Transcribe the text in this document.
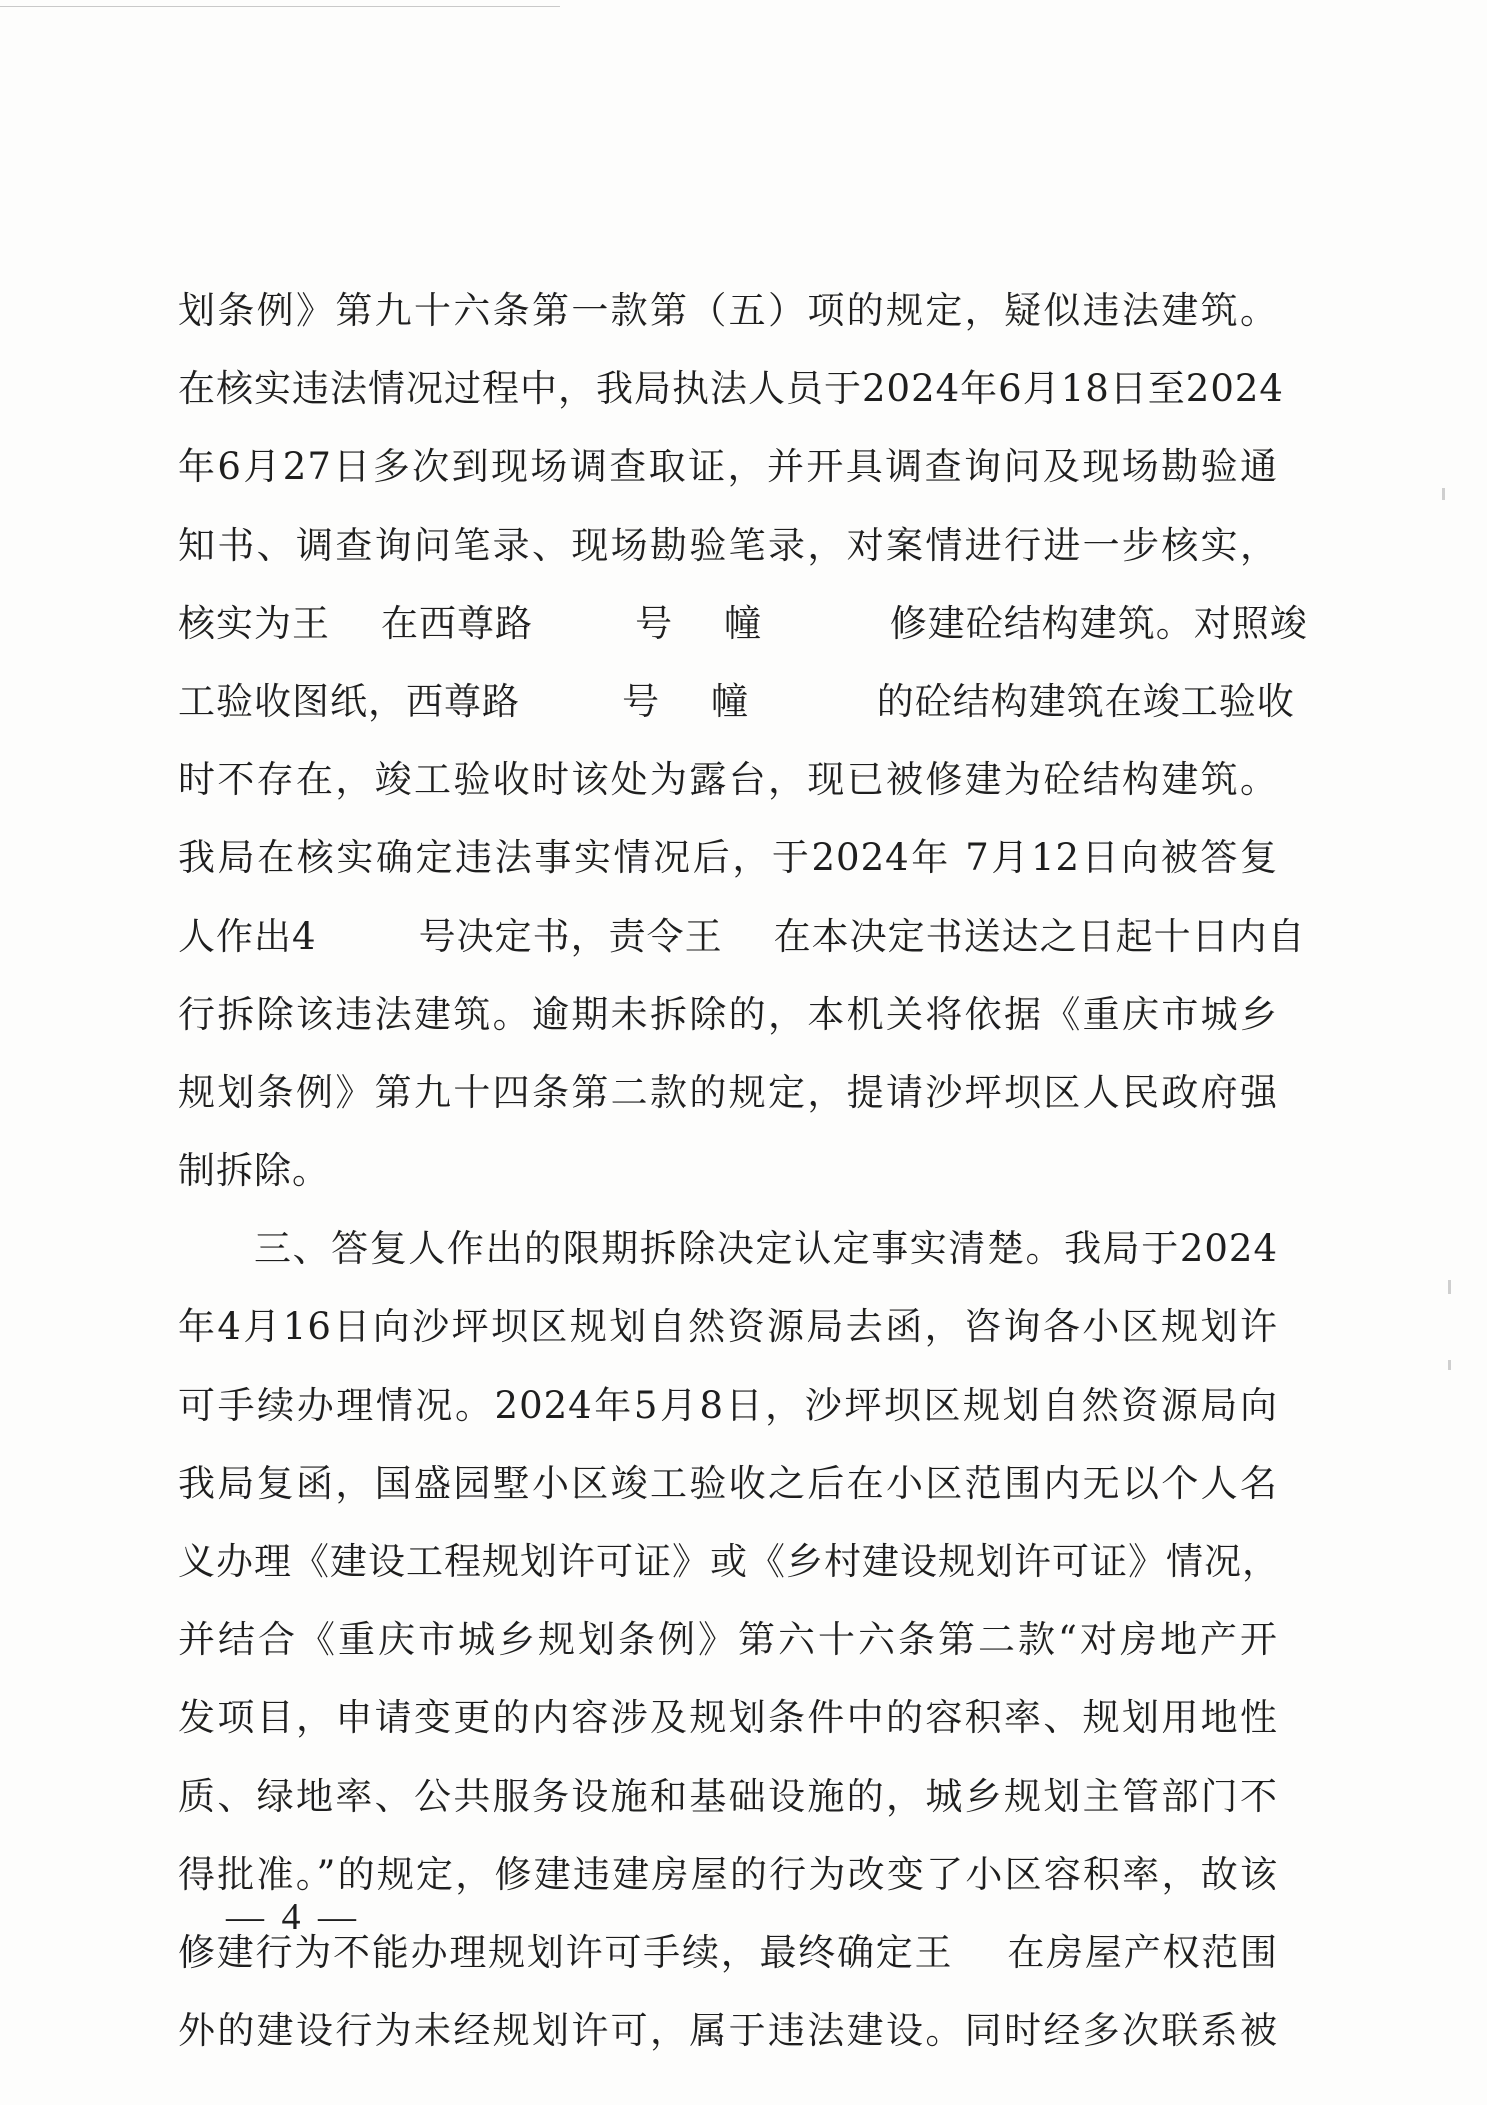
划条例》第九十六条第一款第（五）项的规定，疑似违法建筑。
在核实违法情况过程中，我局执法人员于2024年6月18日至2024
年6月27日多次到现场调查取证，并开具调查询问及现场勘验通
知书、调查询问笔录、现场勘验笔录，对案情进行进一步核实，
核实为王    在西尊路        号    幢          修建砼结构建筑。对照竣
工验收图纸，西尊路        号    幢          的砼结构建筑在竣工验收
时不存在，竣工验收时该处为露台，现已被修建为砼结构建筑。
我局在核实确定违法事实情况后，于2024年 7月12日向被答复
人作出4        号决定书，责令王    在本决定书送达之日起十日内自
行拆除该违法建筑。逾期未拆除的，本机关将依据《重庆市城乡
规划条例》第九十四条第二款的规定，提请沙坪坝区人民政府强
制拆除。
三、答复人作出的限期拆除决定认定事实清楚。我局于2024
年4月16日向沙坪坝区规划自然资源局去函，咨询各小区规划许
可手续办理情况。2024年5月8日，沙坪坝区规划自然资源局向
我局复函，国盛园墅小区竣工验收之后在小区范围内无以个人名
义办理《建设工程规划许可证》或《乡村建设规划许可证》情况，
并结合《重庆市城乡规划条例》第六十六条第二款“对房地产开
发项目，申请变更的内容涉及规划条件中的容积率、规划用地性
质、绿地率、公共服务设施和基础设施的，城乡规划主管部门不
得批准。”的规定，修建违建房屋的行为改变了小区容积率，故该
修建行为不能办理规划许可手续，最终确定王    在房屋产权范围
外的建设行为未经规划许可，属于违法建设。同时经多次联系被
— 4 —
